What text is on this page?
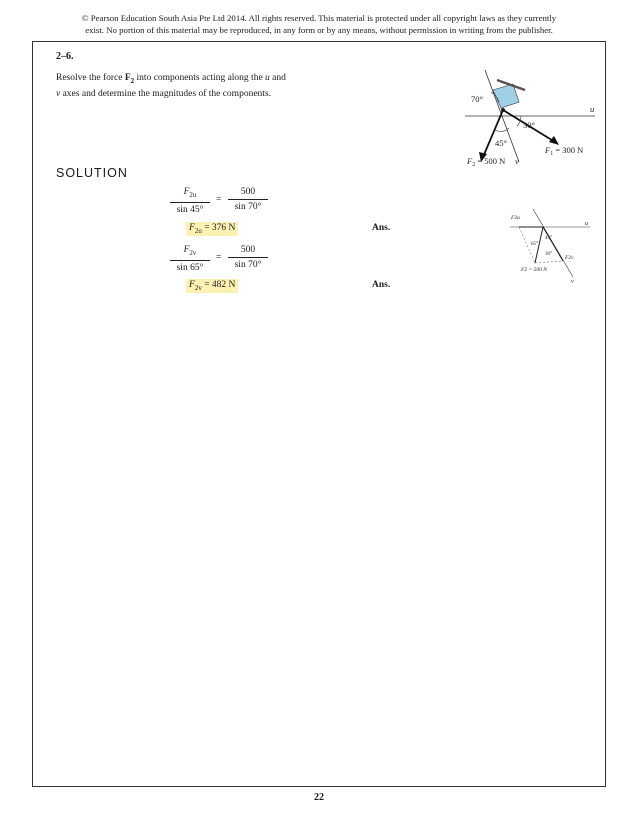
© Pearson Education South Asia Pte Ltd 2014. All rights reserved. This material is protected under all copyright laws as they currently
exist. No portion of this material may be reproduced, in any form or by any means, without permission in writing from the publisher.
2–6.
Resolve the force $F_2$ into components acting along the u and
v axes and determine the magnitudes of the components.
70°
30°
45°
u
v
$F_1 = 300$ N
$F_2 = 500$ N
SOLUTION
$F_{2u}$
sin 45°
=
500
sin 70°
$F_{2u} = 376$ N	Ans.
$F_{2v}$
sin 65°
=
500
sin 70°
$F_{2v} = 482$ N	Ans.
F2u
45°
65°
30°
F2v
F2 = 500 N
u
v
22
